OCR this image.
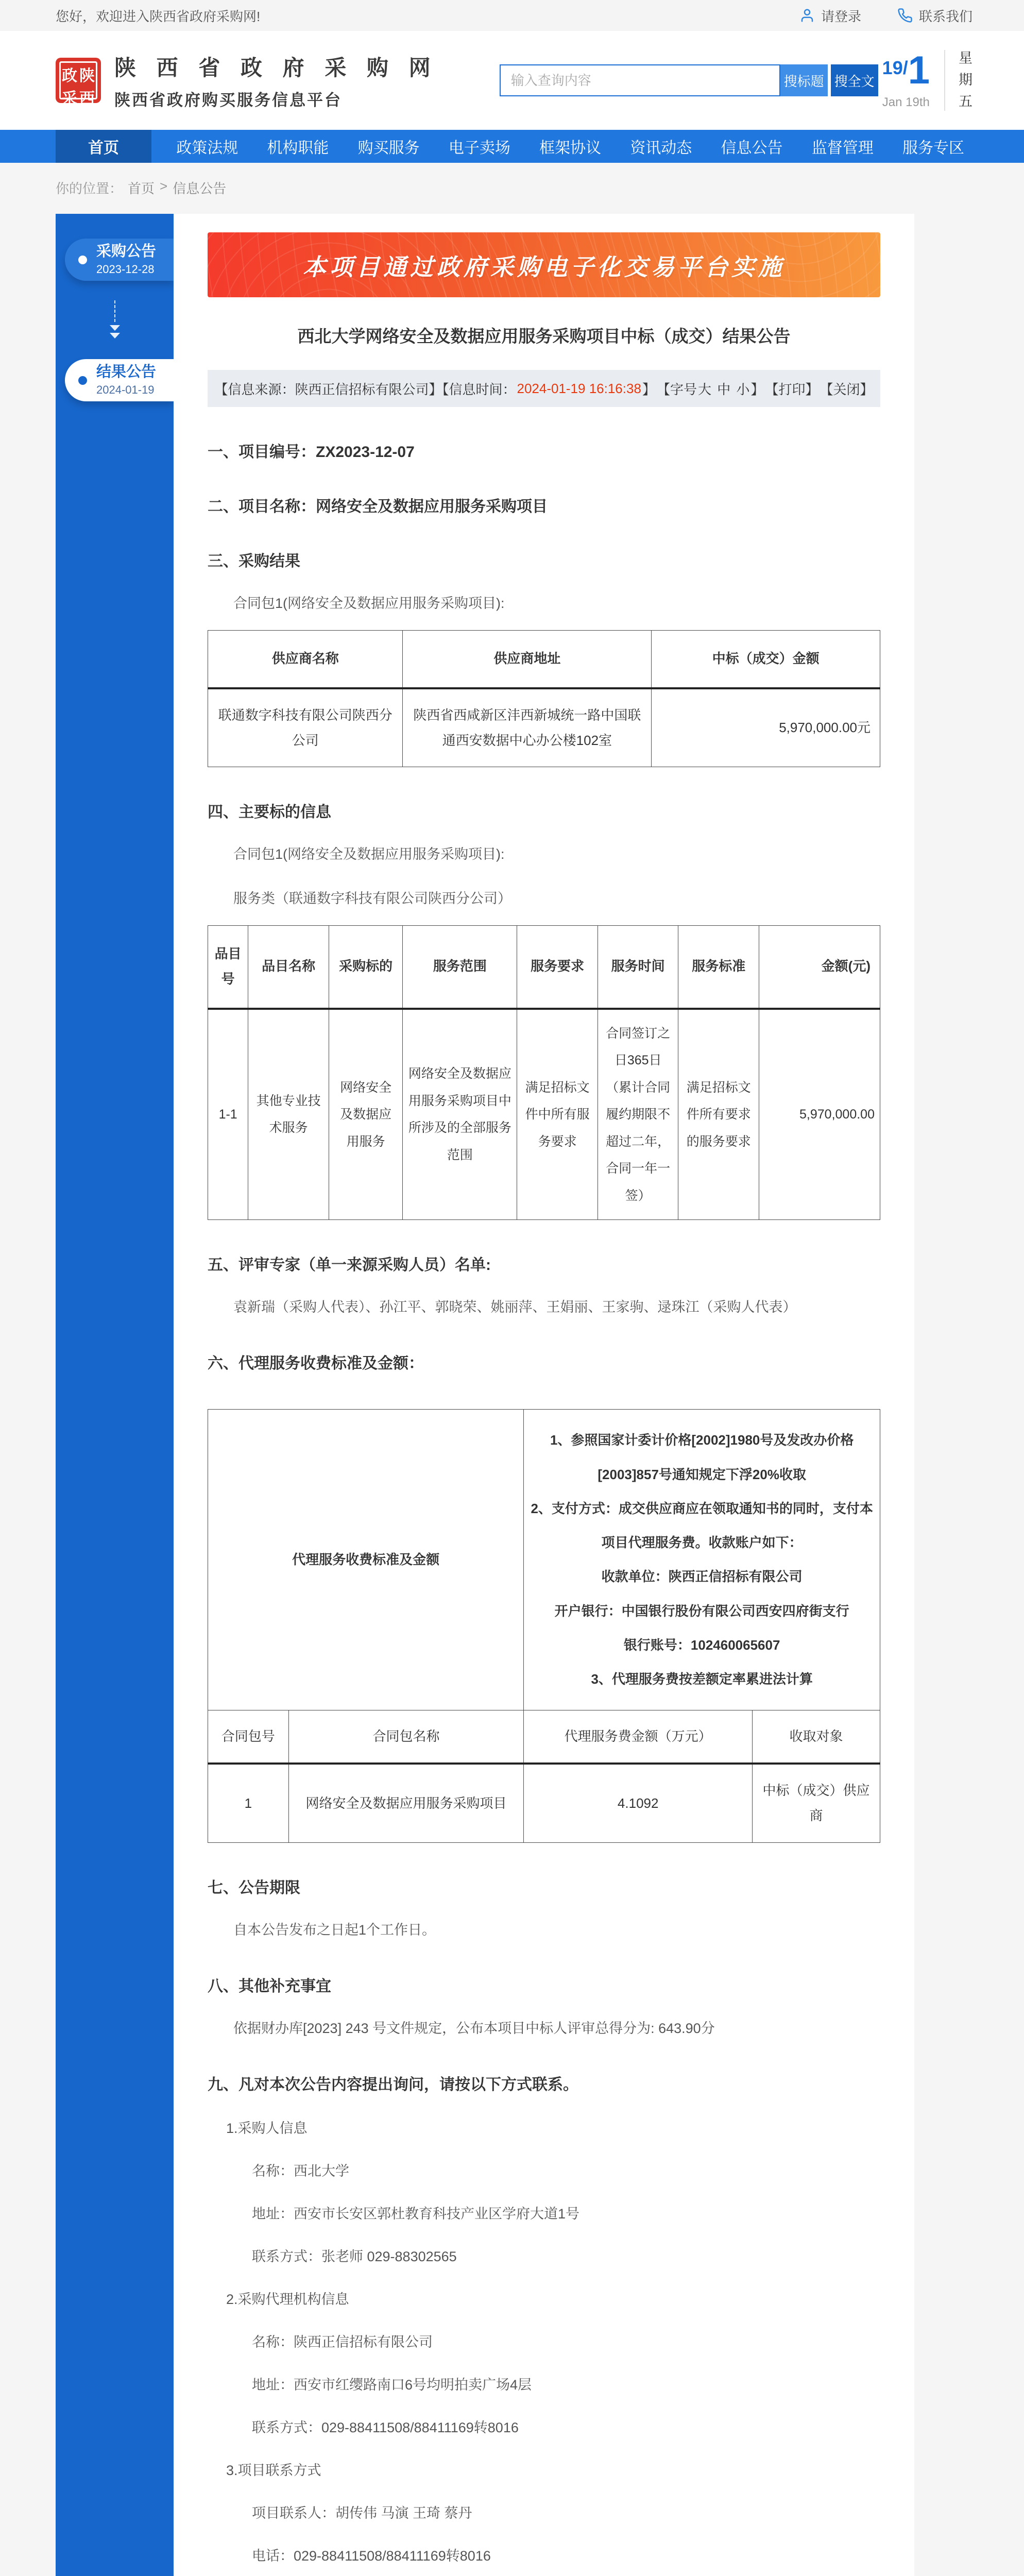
您好，欢迎进入陕西省政府采购网!	请登录	联系我们
政 陕
采 西
陕 西 省 政 府 采 购 网
陕西省政府购买服务信息平台
输入查询内容
搜标题 搜全文
19/1
Jan 19th
星
期
五
首页	政策法规 机构职能 购买服务 电子卖场 框架协议 资讯动态 信息公告 监督管理 服务专区
你的位置： 首页 > 信息公告
采购公告
2023-12-28
结果公告
2024-01-19
本项目通过政府采购电子化交易平台实施
西北大学网络安全及数据应用服务采购项目中标（成交）结果公告
【信息来源：陕西正信招标有限公司】【信息时间： 2024-01-19 16:16:38 】 【字号 大
中
小 】 【打印】 【关闭】
一、项目编号：ZX2023-12-07
二、项目名称：网络安全及数据应用服务采购项目
三、采购结果
合同包1(网络安全及数据应用服务采购项目):
供应商名称	供应商地址	中标（成交）金额
联通数字科技有限公司陕西分公司	陕西省西咸新区沣西新城统一路中国联通西安数据中心办公楼102室	5,970,000.00元
四、主要标的信息
合同包1(网络安全及数据应用服务采购项目):
服务类（联通数字科技有限公司陕西分公司）
品目号	品目名称	采购标的	服务范围	服务要求	服务时间	服务标准	金额(元)
1-1	其他专业技术服务	网络安全及数据应用服务	网络安全及数据应用服务采购项目中所涉及的全部服务范围	满足招标文件中所有服务要求	合同签订之日365日（累计合同履约期限不超过二年，合同一年一签）	满足招标文件所有要求的服务要求	5,970,000.00
五、评审专家（单一来源采购人员）名单:
袁新瑞（采购人代表）、孙江平、郭晓荣、姚丽萍、王娟丽、王家驹、逯珠江（采购人代表）
六、代理服务收费标准及金额：
代理服务收费标准及金额	
1、参照国家计委计价格[2002]1980号及发改办价格[2003]857号通知规定下浮20%收取
2、支付方式：成交供应商应在领取通知书的同时，支付本项目代理服务费。收款账户如下：
收款单位：陕西正信招标有限公司
开户银行：中国银行股份有限公司西安四府街支行
银行账号：102460065607
3、代理服务费按差额定率累进法计算

合同包号	合同包名称	代理服务费金额（万元）	收取对象
1	网络安全及数据应用服务采购项目	4.1092	中标（成交）供应商
七、公告期限
自本公告发布之日起1个工作日。
八、其他补充事宜
依据财办库[2023] 243 号文件规定，公布本项目中标人评审总得分为: 643.90分
九、凡对本次公告内容提出询问，请按以下方式联系。
1.采购人信息
名称：西北大学
地址：西安市长安区郭杜教育科技产业区学府大道1号
联系方式：张老师 029-88302565
2.采购代理机构信息
名称：陕西正信招标有限公司
地址：西安市红缨路南口6号均明拍卖广场4层
联系方式：029-88411508/88411169转8016
3.项目联系方式
项目联系人：胡传伟 马演 王琦 蔡丹
电话：029-88411508/88411169转8016
